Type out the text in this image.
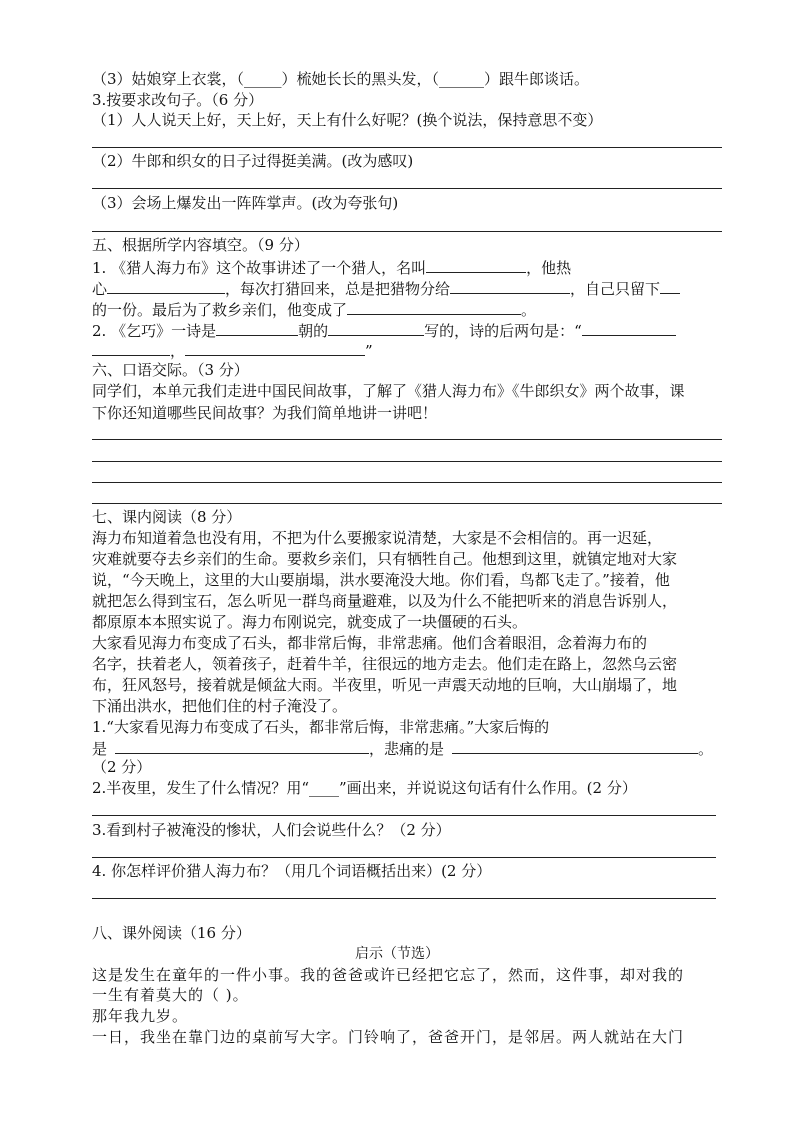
（3）姑娘穿上衣裳，（_____）梳她长长的黑头发，（______）跟牛郎谈话。
3.按要求改句子。（6 分）
（1）人人说天上好，天上好，天上有什么好呢？(换个说法，保持意思不变）
（2）牛郎和织女的日子过得挺美满。(改为感叹)
（3）会场上爆发出一阵阵掌声。(改为夸张句)
五、根据所学内容填空。（9 分）
1. 《猎人海力布》这个故事讲述了一个猎人，名叫	，他热
心	，每次打猎回来，总是把猎物分给	，自己只留下
的一份。最后为了救乡亲们，他变成了	。
2. 《乞巧》一诗是	朝的	写的，诗的后两句是：“
，	”
六、口语交际。（3 分）
同学们，本单元我们走进中国民间故事，了解了《猎人海力布》《牛郎织女》两个故事，课
下你还知道哪些民间故事？为我们简单地讲一讲吧！
七、课内阅读（8 分）
海力布知道着急也没有用，不把为什么要搬家说清楚，大家是不会相信的。再一迟延，
灾难就要夺去乡亲们的生命。要救乡亲们，只有牺牲自己。他想到这里，就镇定地对大家
说，“今天晚上，这里的大山要崩塌，洪水要淹没大地。你们看，鸟都飞走了。”接着，他
就把怎么得到宝石，怎么听见一群鸟商量避难，以及为什么不能把听来的消息告诉别人，
都原原本本照实说了。海力布刚说完，就变成了一块僵硬的石头。
大家看见海力布变成了石头，都非常后悔，非常悲痛。他们含着眼泪，念着海力布的
名字，扶着老人，领着孩子，赶着牛羊，往很远的地方走去。他们走在路上，忽然乌云密
布，狂风怒号，接着就是倾盆大雨。半夜里，听见一声震天动地的巨响，大山崩塌了，地
下涌出洪水，把他们住的村子淹没了。
1.“大家看见海力布变成了石头，都非常后悔，非常悲痛。”大家后悔的
是	，悲痛的是	。
（2 分）
2.半夜里，发生了什么情况？用“____”画出来，并说说这句话有什么作用。(2 分）
3.看到村子被淹没的惨状，人们会说些什么？（2 分）
4. 你怎样评价猎人海力布？（用几个词语概括出来）(2 分）
八、课外阅读（16 分）
启示（节选）
这是发生在童年的一件小事。我的爸爸或许已经把它忘了，然而，这件事，却对我的
一生有着莫大的（ )。
那年我九岁。
一日，我坐在靠门边的桌前写大字。门铃响了，爸爸开门，是邻居。两人就站在大门
